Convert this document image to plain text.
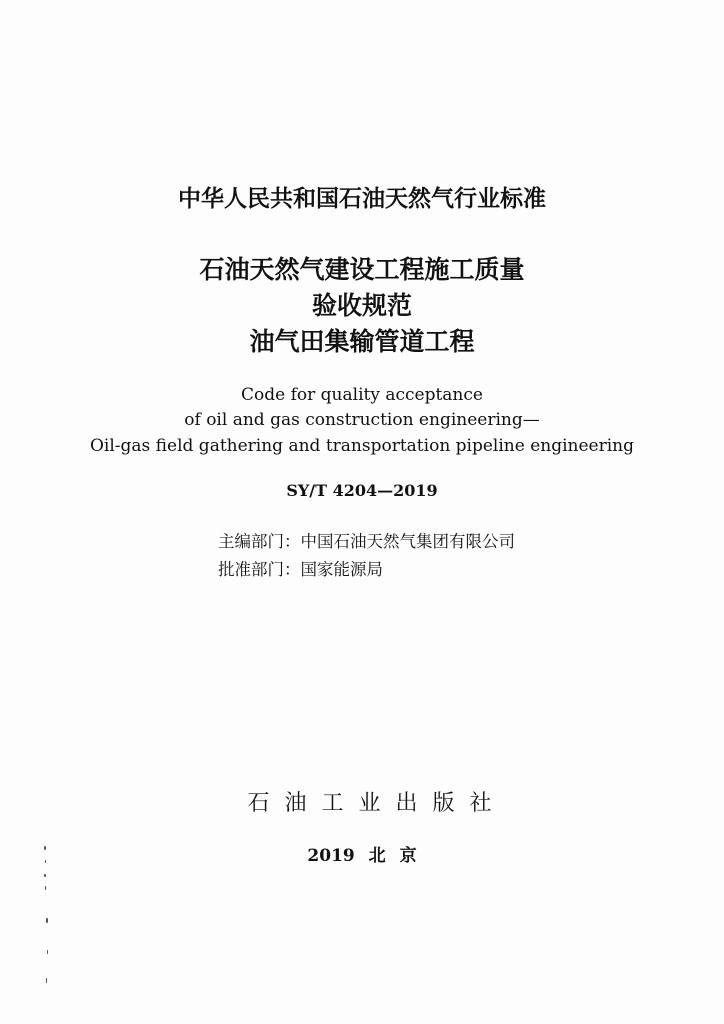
中华人民共和国石油天然气行业标准
石油天然气建设工程施工质量
验收规范
油气田集输管道工程
Code for quality acceptance
of oil and gas construction engineering—
Oil-gas field gathering and transportation pipeline engineering
SY/T 4204—2019
主编部门：中国石油天然气集团有限公司
批准部门：国家能源局
石油工业出版社
2019 北 京
